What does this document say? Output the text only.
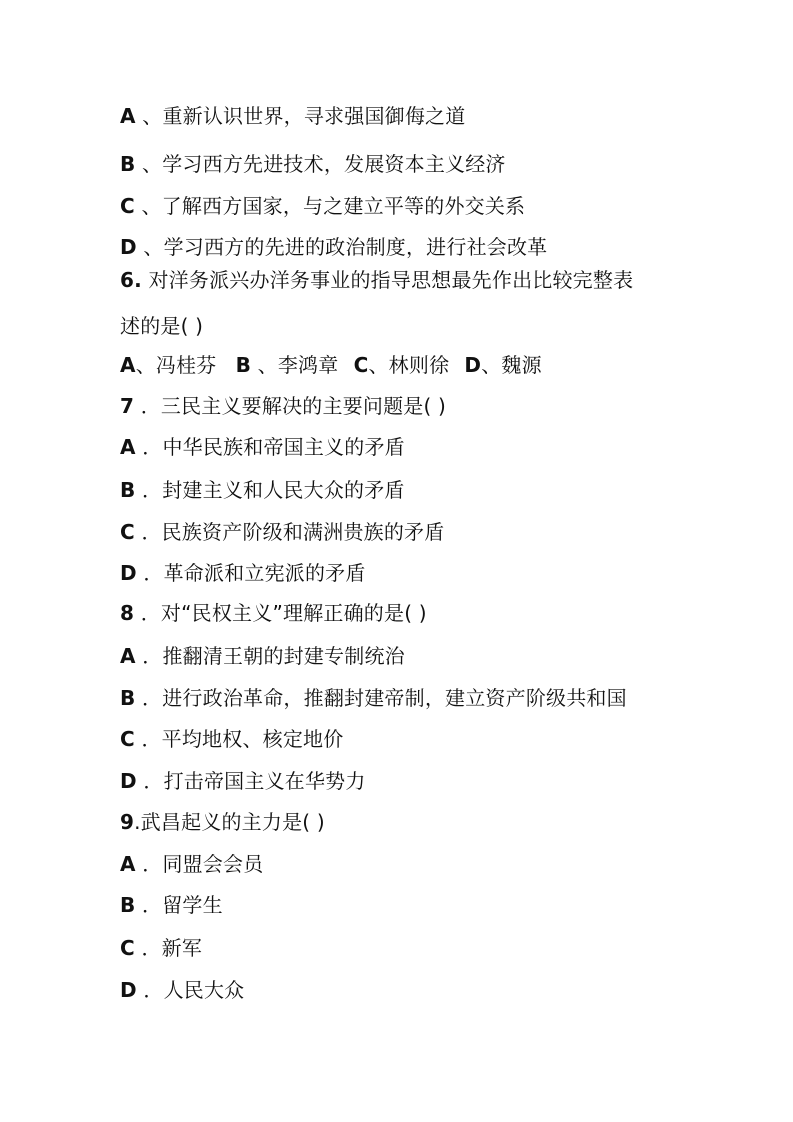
A 、重新认识世界，寻求强国御侮之道
B 、学习西方先进技术，发展资本主义经济
C 、了解西方国家，与之建立平等的外交关系
D 、学习西方的先进的政治制度，进行社会改革
6. 对洋务派兴办洋务事业的指导思想最先作出比较完整表
述的是( )
A、冯桂芬 B 、李鸿章 C、林则徐 D、魏源
7 ．三民主义要解决的主要问题是( )
A ．中华民族和帝国主义的矛盾
B ．封建主义和人民大众的矛盾
C ．民族资产阶级和满洲贵族的矛盾
D ．革命派和立宪派的矛盾
8 ．对“民权主义”理解正确的是( )
A ．推翻清王朝的封建专制统治
B ．进行政治革命，推翻封建帝制，建立资产阶级共和国
C ．平均地权、核定地价
D ．打击帝国主义在华势力
9.武昌起义的主力是( )
A ．同盟会会员
B ．留学生
C ．新军
D ．人民大众
